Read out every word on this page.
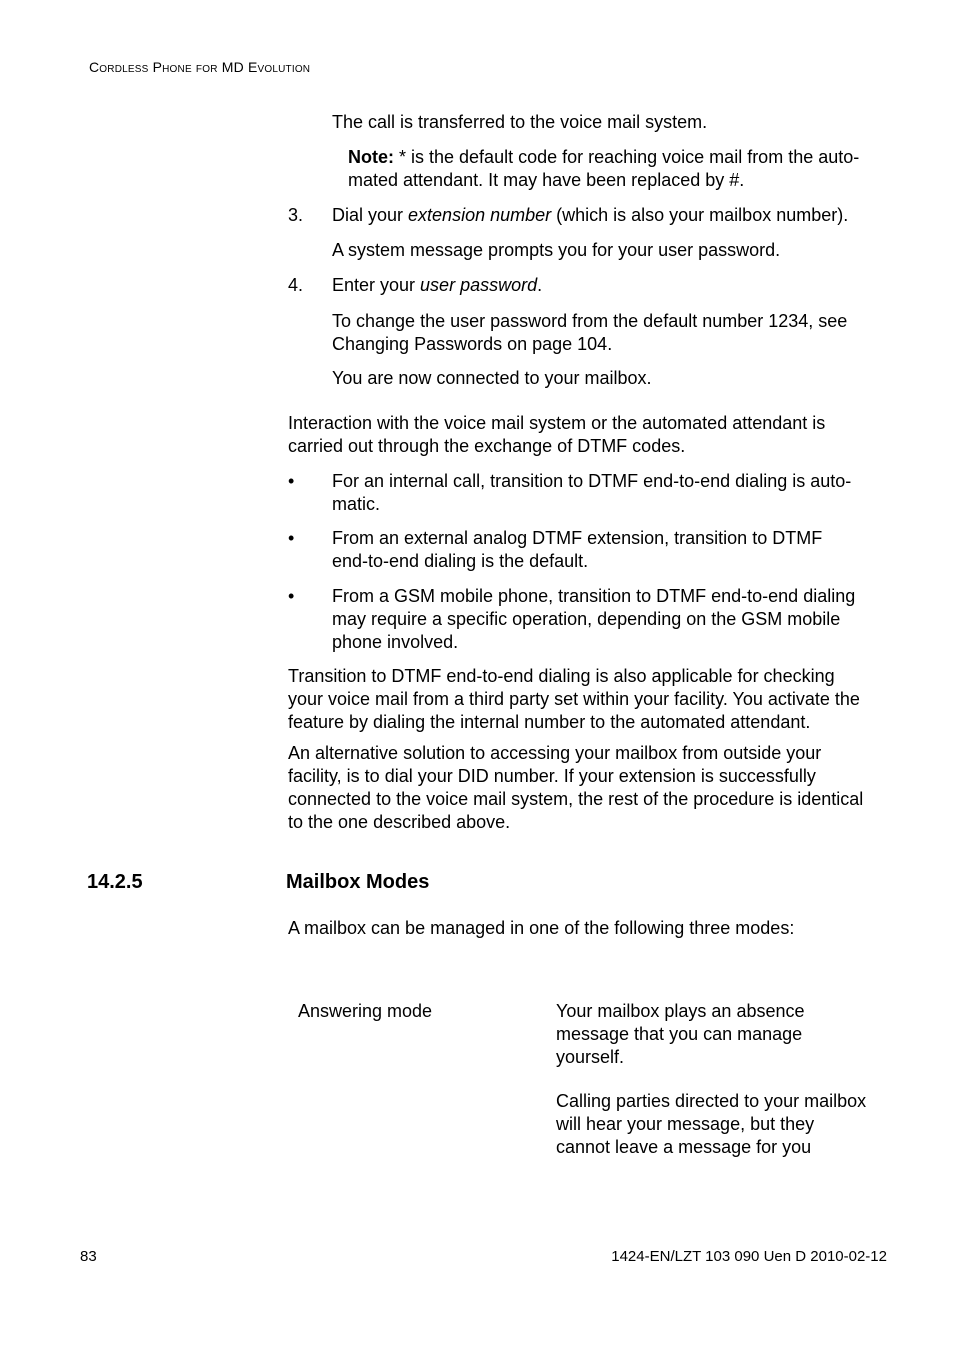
Cordless Phone for MD Evolution

The call is transferred to the voice mail system.

Note: * is the default code for reaching voice mail from the auto-
mated attendant. It may have been replaced by #.
3.	Dial your extension number (which is also your mailbox number).
A system message prompts you for your user password.
4.	Enter your user password.
To change the user password from the default number 1234, see
Changing Passwords on page 104.
You are now connected to your mailbox.
Interaction with the voice mail system or the automated attendant is
carried out through the exchange of DTMF codes.
•	For an internal call, transition to DTMF end-to-end dialing is auto-
matic.
•	From an external analog DTMF extension, transition to DTMF
end-to-end dialing is the default.
•	From a GSM mobile phone, transition to DTMF end-to-end dialing
may require a specific operation, depending on the GSM mobile
phone involved.
Transition to DTMF end-to-end dialing is also applicable for checking
your voice mail from a third party set within your facility. You activate the
feature by dialing the internal number to the automated attendant.
An alternative solution to accessing your mailbox from outside your
facility, is to dial your DID number. If your extension is successfully
connected to the voice mail system, the rest of the procedure is identical
to the one described above.
14.2.5	Mailbox Modes
A mailbox can be managed in one of the following three modes:
Answering mode	Your mailbox plays an absence
message that you can manage
yourself.
Calling parties directed to your mailbox
will hear your message, but they
cannot leave a message for you
83	1424-EN/LZT 103 090 Uen D 2010-02-12
